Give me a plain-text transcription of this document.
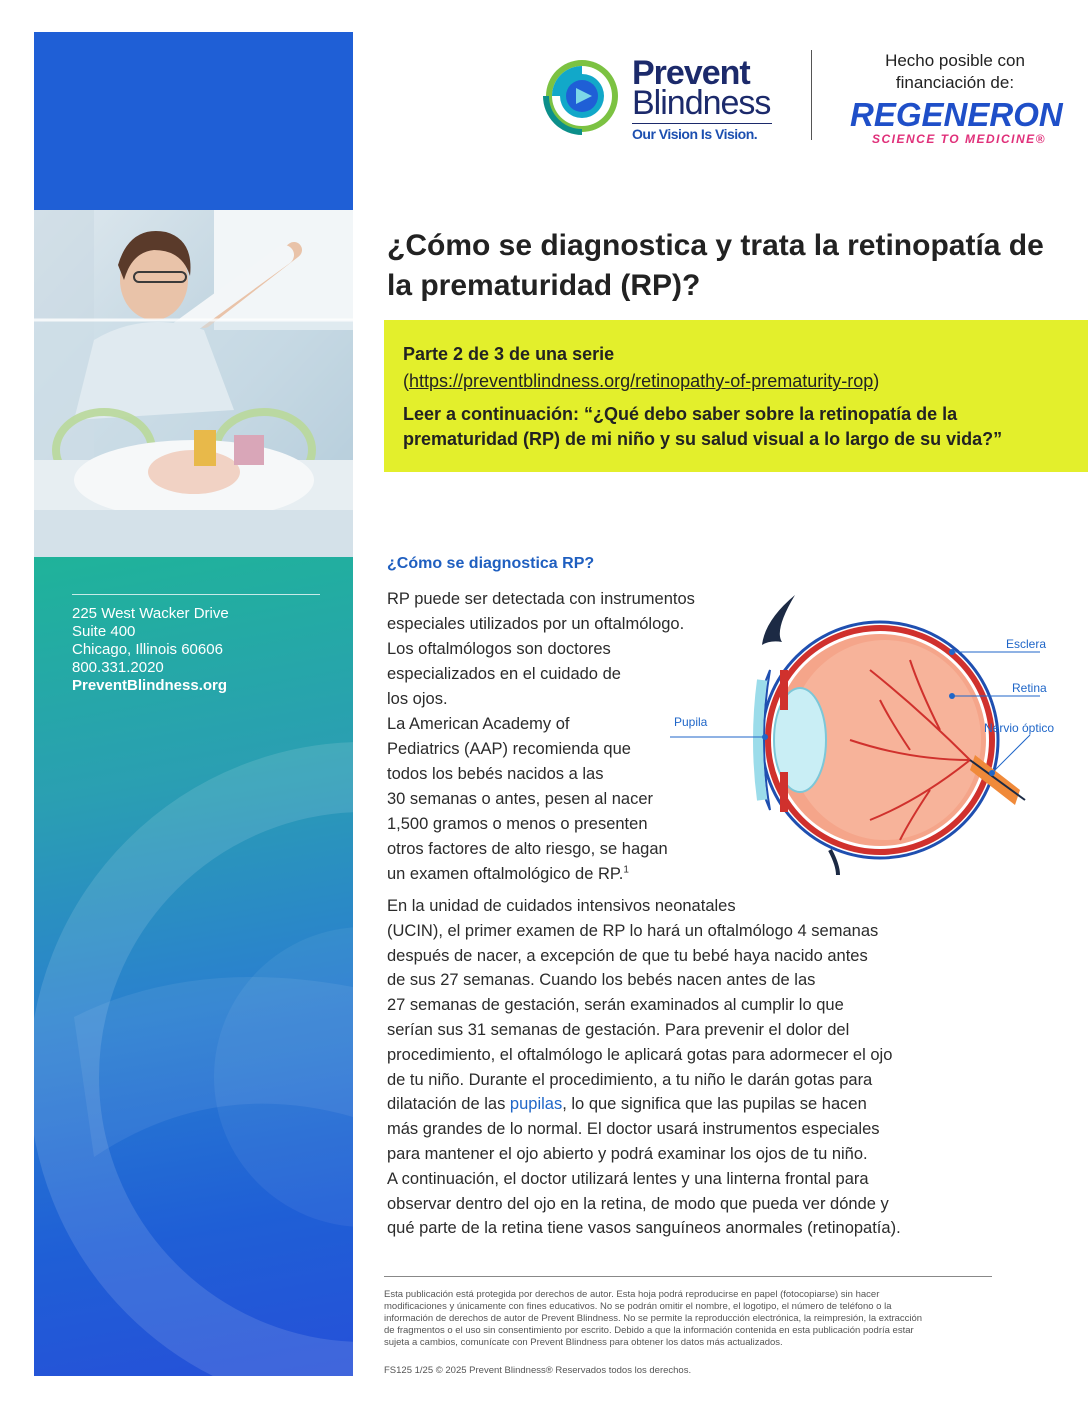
225 West Wacker Drive
Suite 400
Chicago, Illinois 60606
800.331.2020
PreventBlindness.org
Prevent
Blindness
Our Vision Is Vision.
Hecho posible con financiación de:
REGENERON
SCIENCE TO MEDICINE®
¿Cómo se diagnostica y trata la retinopatía de la prematuridad (RP)?
Parte 2 de 3 de una serie
(https://preventblindness.org/retinopathy-of-prematurity-rop)
Leer a continuación: “¿Qué debo saber sobre la retinopatía de la prematuridad (RP) de mi niño y su salud visual a lo largo de su vida?”
¿Cómo se diagnostica RP?
RP puede ser detectada con instrumentos
especiales utilizados por un oftalmólogo.
Los oftalmólogos son doctores
especializados en el cuidado de
los ojos.
La American Academy of
Pediatrics (AAP) recomienda que
todos los bebés nacidos a las
30 semanas o antes, pesen al nacer
1,500 gramos o menos o presenten
otros factores de alto riesgo, se hagan
un examen oftalmológico de RP.$^1$
Esclera
Retina
Nervio óptico
Pupila
En la unidad de cuidados intensivos neonatales
(UCIN), el primer examen de RP lo hará un oftalmólogo 4 semanas
después de nacer, a excepción de que tu bebé haya nacido antes
de sus 27 semanas. Cuando los bebés nacen antes de las
27 semanas de gestación, serán examinados al cumplir lo que
serían sus 31 semanas de gestación. Para prevenir el dolor del
procedimiento, el oftalmólogo le aplicará gotas para adormecer el ojo
de tu niño. Durante el procedimiento, a tu niño le darán gotas para
dilatación de las pupilas, lo que significa que las pupilas se hacen
más grandes de lo normal. El doctor usará instrumentos especiales
para mantener el ojo abierto y podrá examinar los ojos de tu niño.
A continuación, el doctor utilizará lentes y una linterna frontal para
observar dentro del ojo en la retina, de modo que pueda ver dónde y
qué parte de la retina tiene vasos sanguíneos anormales (retinopatía).
Esta publicación está protegida por derechos de autor. Esta hoja podrá reproducirse en papel (fotocopiarse) sin hacer
modificaciones y únicamente con fines educativos. No se podrán omitir el nombre, el logotipo, el número de teléfono o la
información de derechos de autor de Prevent Blindness. No se permite la reproducción electrónica, la reimpresión, la extracción
de fragmentos o el uso sin consentimiento por escrito. Debido a que la información contenida en esta publicación podría estar
sujeta a cambios, comunícate con Prevent Blindness para obtener los datos más actualizados.
FS125 1/25 © 2025 Prevent Blindness® Reservados todos los derechos.
